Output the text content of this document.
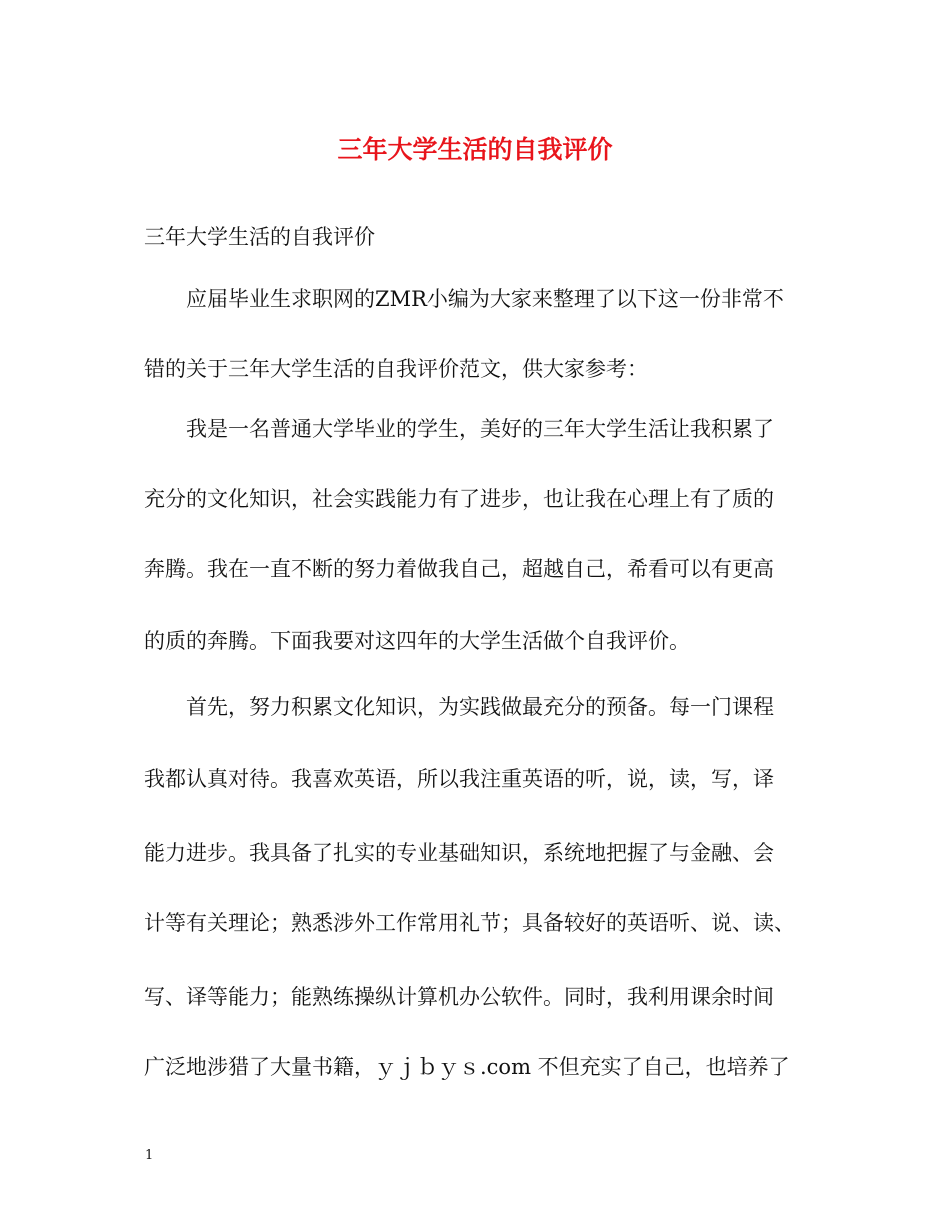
三年大学生活的自我评价
三年大学生活的自我评价
　　应届毕业生求职网的ZMR小编为大家来整理了以下这一份非常不
错的关于三年大学生活的自我评价范文，供大家参考：
　　我是一名普通大学毕业的学生，美好的三年大学生活让我积累了
充分的文化知识，社会实践能力有了进步，也让我在心理上有了质的
奔腾。我在一直不断的努力着做我自己，超越自己，希看可以有更高
的质的奔腾。下面我要对这四年的大学生活做个自我评价。
　　首先，努力积累文化知识，为实践做最充分的预备。每一门课程
我都认真对待。我喜欢英语，所以我注重英语的听，说，读，写，译
能力进步。我具备了扎实的专业基础知识，系统地把握了与金融、会
计等有关理论；熟悉涉外工作常用礼节；具备较好的英语听、说、读、
写、译等能力；能熟练操纵计算机办公软件。同时，我利用课余时间
广泛地涉猎了大量书籍，ｙｊｂｙｓ.com 不但充实了自己，也培养了
1
